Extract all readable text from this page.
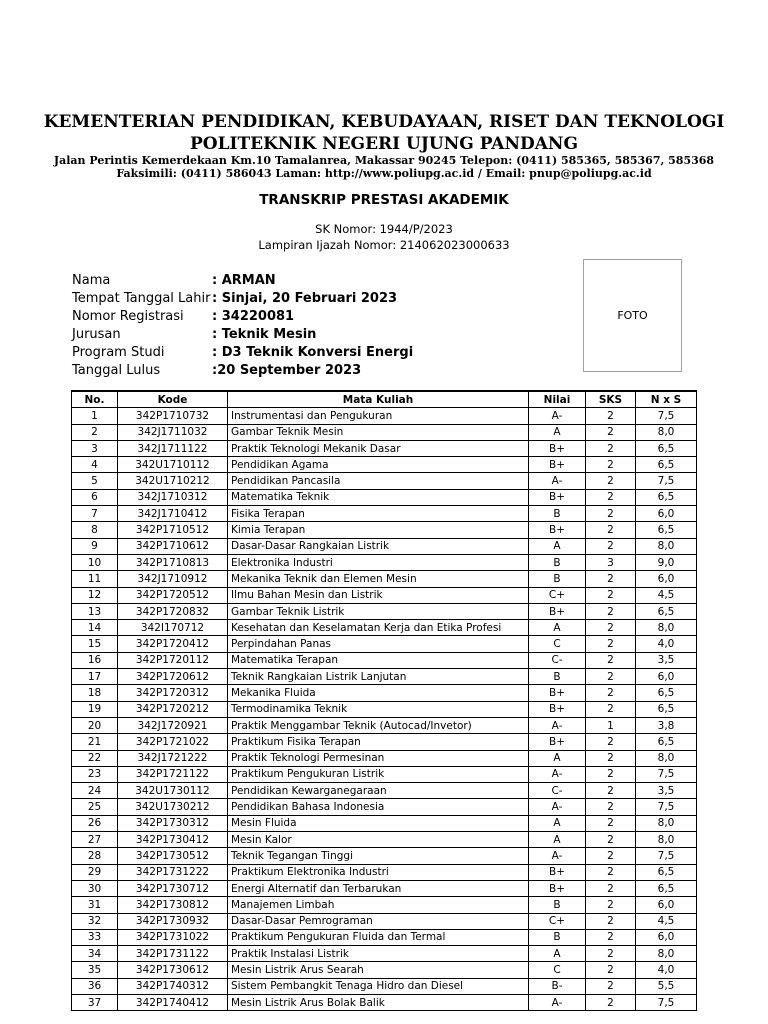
KEMENTERIAN PENDIDIKAN, KEBUDAYAAN, RISET DAN TEKNOLOGI
POLITEKNIK NEGERI UJUNG PANDANG
Jalan Perintis Kemerdekaan Km.10 Tamalanrea, Makassar 90245 Telepon: (0411) 585365, 585367, 585368
Faksimili: (0411) 586043 Laman: http://www.poliupg.ac.id / Email: pnup@poliupg.ac.id
TRANSKRIP PRESTASI AKADEMIK
SK Nomor: 1944/P/2023
Lampiran Ijazah Nomor: 214062023000633
Nama	: ARMAN
Tempat Tanggal Lahir : Sinjai, 20 Februari 2023
Nomor Registrasi : 34220081
Jurusan	: Teknik Mesin
Program Studi	: D3 Teknik Konversi Energi
Tanggal Lulus	:20 September 2023
FOTO
No.	Kode	Mata Kuliah	Nilai	SKS	N x S
1	342P1710732	Instrumentasi dan Pengukuran	A-	2	7,5
2	342J1711032	Gambar Teknik Mesin	A	2	8,0
3	342J1711122	Praktik Teknologi Mekanik Dasar	B+	2	6,5
4	342U1710112	Pendidikan Agama	B+	2	6,5
5	342U1710212	Pendidikan Pancasila	A-	2	7,5
6	342J1710312	Matematika Teknik	B+	2	6,5
7	342J1710412	Fisika Terapan	B	2	6,0
8	342P1710512	Kimia Terapan	B+	2	6,5
9	342P1710612	Dasar-Dasar Rangkaian Listrik	A	2	8,0
10	342P1710813	Elektronika Industri	B	3	9,0
11	342J1710912	Mekanika Teknik dan Elemen Mesin	B	2	6,0
12	342P1720512	Ilmu Bahan Mesin dan Listrik	C+	2	4,5
13	342P1720832	Gambar Teknik Listrik	B+	2	6,5
14	342I170712	Kesehatan dan Keselamatan Kerja dan Etika Profesi	A	2	8,0
15	342P1720412	Perpindahan Panas	C	2	4,0
16	342P1720112	Matematika Terapan	C-	2	3,5
17	342P1720612	Teknik Rangkaian Listrik Lanjutan	B	2	6,0
18	342P1720312	Mekanika Fluida	B+	2	6,5
19	342P1720212	Termodinamika Teknik	B+	2	6,5
20	342J1720921	Praktik Menggambar Teknik (Autocad/Invetor)	A-	1	3,8
21	342P1721022	Praktikum Fisika Terapan	B+	2	6,5
22	342J1721222	Praktik Teknologi Permesinan	A	2	8,0
23	342P1721122	Praktikum Pengukuran Listrik	A-	2	7,5
24	342U1730112	Pendidikan Kewarganegaraan	C-	2	3,5
25	342U1730212	Pendidikan Bahasa Indonesia	A-	2	7,5
26	342P1730312	Mesin Fluida	A	2	8,0
27	342P1730412	Mesin Kalor	A	2	8,0
28	342P1730512	Teknik Tegangan Tinggi	A-	2	7,5
29	342P1731222	Praktikum Elektronika Industri	B+	2	6,5
30	342P1730712	Energi Alternatif dan Terbarukan	B+	2	6,5
31	342P1730812	Manajemen Limbah	B	2	6,0
32	342P1730932	Dasar-Dasar Pemrograman	C+	2	4,5
33	342P1731022	Praktikum Pengukuran Fluida dan Termal	B	2	6,0
34	342P1731122	Praktik Instalasi Listrik	A	2	8,0
35	342P1730612	Mesin Listrik Arus Searah	C	2	4,0
36	342P1740312	Sistem Pembangkit Tenaga Hidro dan Diesel	B-	2	5,5
37	342P1740412	Mesin Listrik Arus Bolak Balik	A-	2	7,5
